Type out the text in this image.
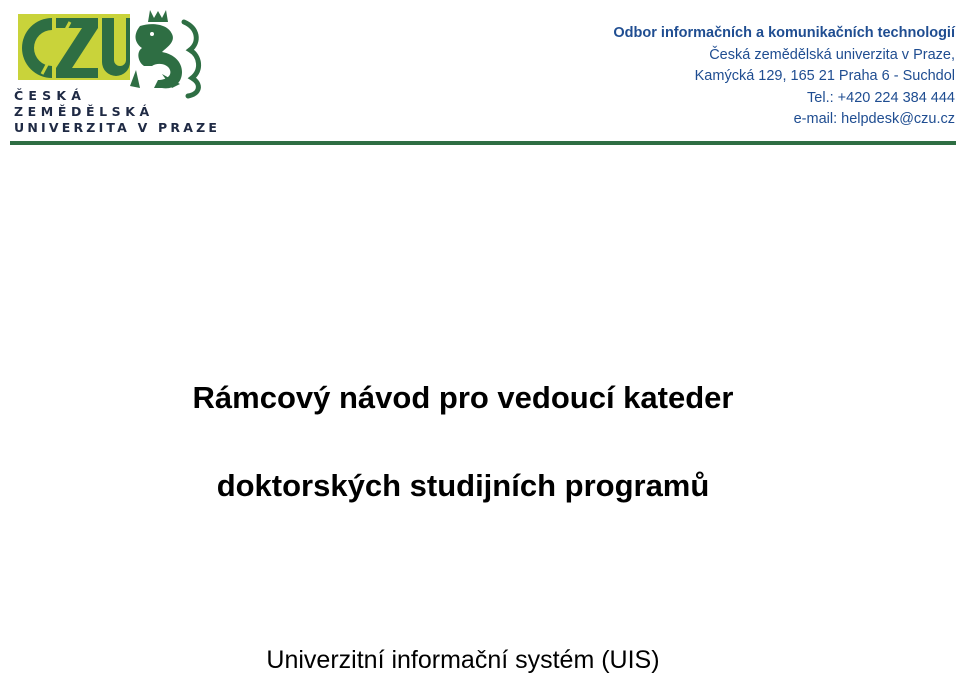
ČESKÁ
ZEMĚDĚLSKÁ
UNIVERZITA V PRAZE
Odbor informačních a komunikačních technologií
Česká zemědělská univerzita v Praze,
Kamýcká 129, 165 21 Praha 6 - Suchdol
Tel.: +420 224 384 444
e-mail: helpdesk@czu.cz
Rámcový návod pro vedoucí kateder
doktorských studijních programů
Univerzitní informační systém (UIS)
